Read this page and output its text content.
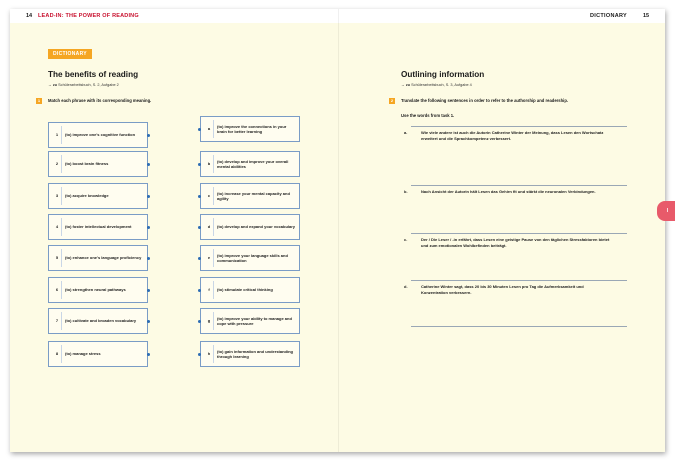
14 LEAD-IN: THE POWER OF READING	DICTIONARY	15
DICTIONARY
The benefits of reading
→ zu Schülerarbeitsbuch, S. 2, Aufgabe 2
1	Match each phrase with its corresponding meaning.
1	(to) improve one's cognitive function
2	(to) boost brain fitness
3	(to) acquire knowledge
4	(to) foster intellectual development
5	(to) enhance one's language proficiency
6	(to) strengthen neural pathways
7	(to) cultivate and broaden vocabulary
8	(to) manage stress
a	(to) improve the connections in your brain for better learning
b	(to) develop and improve your overall mental abilities
c	(to) increase your mental capacity and agility
d	(to) develop and expand your vocabulary
e	(to) improve your language skills and communication
f	(to) stimulate critical thinking
g	(to) improve your ability to manage and cope with pressure
h	(to) gain information and understanding through learning
Outlining information
→ zu Schülerarbeitsbuch, S. 3, Aufgabe 4
2	Translate the following sentences in order to refer to the authorship and readership.
Use the words from task 1.
a.	Wie viele andere ist auch die Autorin Catherine Winter der Meinung, dass Lesen den Wortschatz erweitert und die Sprachkompetenz verbessert.
b.	Nach Ansicht der Autorin hält Lesen das Gehirn fit und stärkt die neuronalen Verbindungen.
c.	Der / Die Leser / -in erfährt, dass Lesen eine geistige Pause von den täglichen Stressfaktoren bietet und zum emotionalen Wohlbefinden beiträgt.
d.	Catherine Winter sagt, dass 20 bis 30 Minuten Lesen pro Tag die Aufmerksamkeit und Konzentration verbessern.
I
